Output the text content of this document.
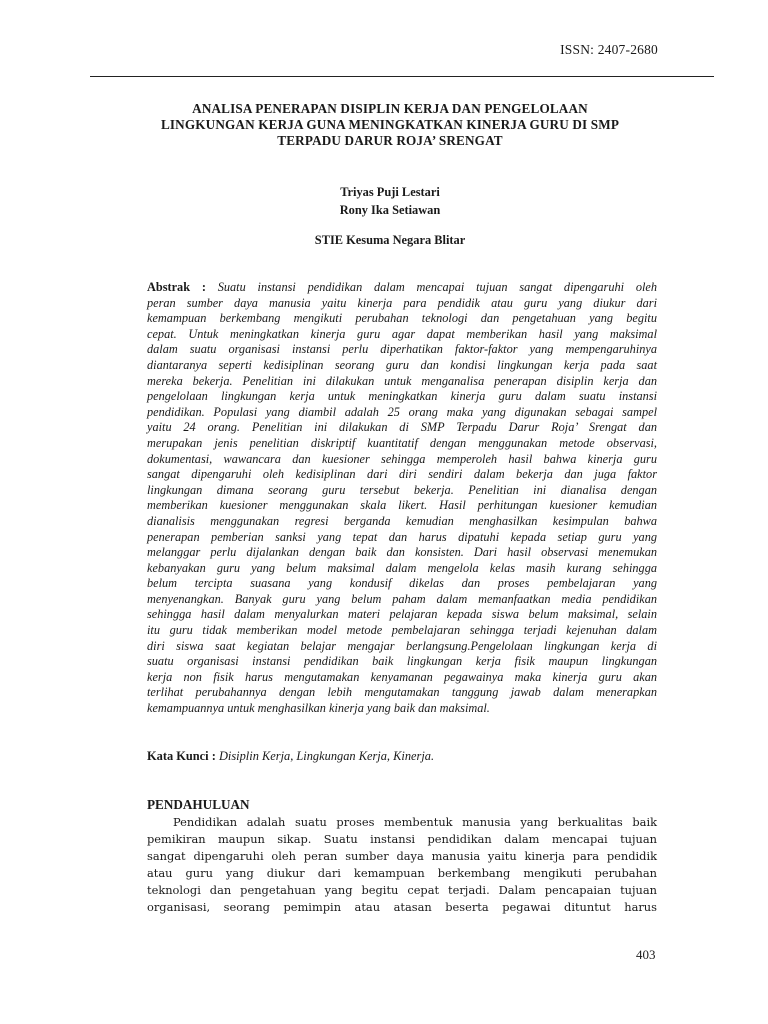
ISSN: 2407-2680
ANALISA PENERAPAN DISIPLIN KERJA DAN PENGELOLAAN
LINGKUNGAN KERJA GUNA MENINGKATKAN KINERJA GURU DI SMP
TERPADU DARUR ROJA’ SRENGAT
Triyas Puji Lestari
Rony Ika Setiawan
STIE Kesuma Negara Blitar
Abstrak : Suatu instansi pendidikan dalam mencapai tujuan sangat dipengaruhi oleh
peran sumber daya manusia yaitu kinerja para pendidik atau guru yang diukur dari
kemampuan berkembang mengikuti perubahan teknologi dan pengetahuan yang begitu
cepat. Untuk meningkatkan kinerja guru agar dapat memberikan hasil yang maksimal
dalam suatu organisasi instansi perlu diperhatikan faktor-faktor yang mempengaruhinya
diantaranya seperti kedisiplinan seorang guru dan kondisi lingkungan kerja pada saat
mereka bekerja. Penelitian ini dilakukan untuk menganalisa penerapan disiplin kerja dan
pengelolaan lingkungan kerja untuk meningkatkan kinerja guru dalam suatu instansi
pendidikan. Populasi yang diambil adalah 25 orang maka yang digunakan sebagai sampel
yaitu 24 orang. Penelitian ini dilakukan di SMP Terpadu Darur Roja’ Srengat dan
merupakan jenis penelitian diskriptif kuantitatif dengan menggunakan metode observasi,
dokumentasi, wawancara dan kuesioner sehingga memperoleh hasil bahwa kinerja guru
sangat dipengaruhi oleh kedisiplinan dari diri sendiri dalam bekerja dan juga faktor
lingkungan dimana seorang guru tersebut bekerja. Penelitian ini dianalisa dengan
memberikan kuesioner menggunakan skala likert. Hasil perhitungan kuesioner kemudian
dianalisis menggunakan regresi berganda kemudian menghasilkan kesimpulan bahwa
penerapan pemberian sanksi yang tepat dan harus dipatuhi kepada setiap guru yang
melanggar perlu dijalankan dengan baik dan konsisten. Dari hasil observasi menemukan
kebanyakan guru yang belum maksimal dalam mengelola kelas masih kurang sehingga
belum tercipta suasana yang kondusif dikelas dan proses pembelajaran yang
menyenangkan. Banyak guru yang belum paham dalam memanfaatkan media pendidikan
sehingga hasil dalam menyalurkan materi pelajaran kepada siswa belum maksimal, selain
itu guru tidak memberikan model metode pembelajaran sehingga terjadi kejenuhan dalam
diri siswa saat kegiatan belajar mengajar berlangsung.Pengelolaan lingkungan kerja di
suatu organisasi instansi pendidikan baik lingkungan kerja fisik maupun lingkungan
kerja non fisik harus mengutamakan kenyamanan pegawainya maka kinerja guru akan
terlihat perubahannya dengan lebih mengutamakan tanggung jawab dalam menerapkan
kemampuannya untuk menghasilkan kinerja yang baik dan maksimal.
Kata Kunci : Disiplin Kerja, Lingkungan Kerja, Kinerja.
PENDAHULUAN
Pendidikan adalah suatu proses membentuk manusia yang berkualitas baik
pemikiran maupun sikap. Suatu instansi pendidikan dalam mencapai tujuan
sangat dipengaruhi oleh peran sumber daya manusia yaitu kinerja para pendidik
atau guru yang diukur dari kemampuan berkembang mengikuti perubahan
teknologi dan pengetahuan yang begitu cepat terjadi. Dalam pencapaian tujuan
organisasi, seorang pemimpin atau atasan beserta pegawai dituntut harus
403
